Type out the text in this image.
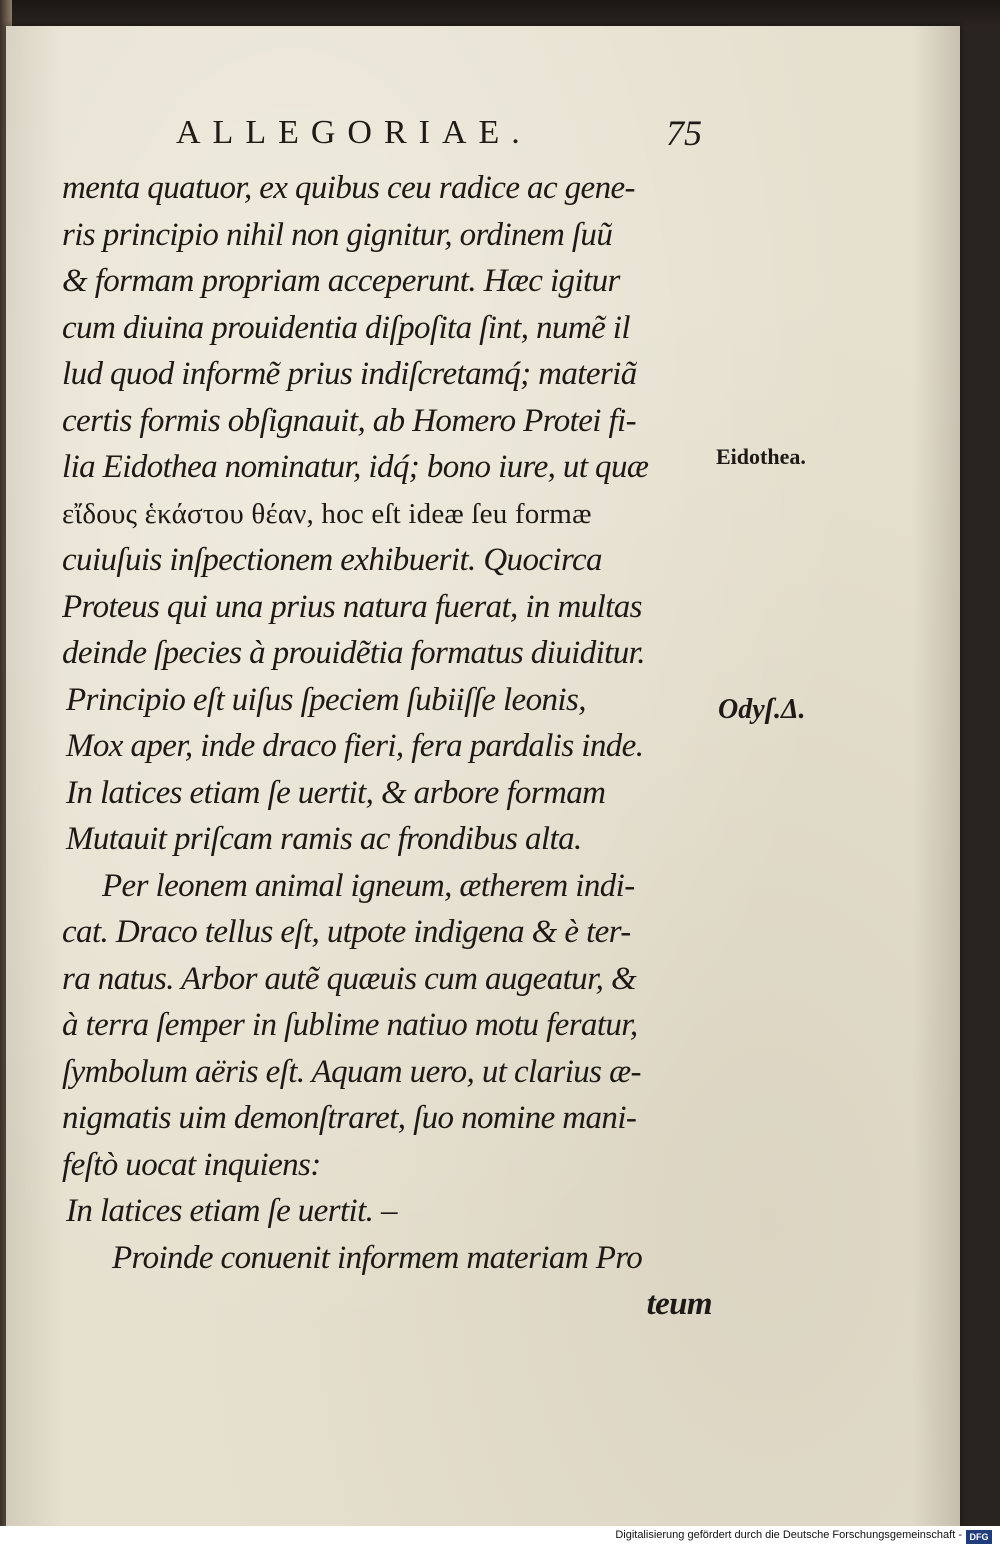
ALLEGORIAE.	75
menta quatuor, ex quibus ceu radice ac gene-
ris principio nihil non gignitur, ordinem ſuũ
& formam propriam acceperunt. Hæc igitur
cum diuina prouidentia diſpoſita ſint, numẽ il
lud quod informẽ prius indiſcretamq́; materiã
certis formis obſignauit, ab Homero Protei fi-
lia Eidothea nominatur, idq́; bono iure, ut quæ
εἴδους ἑκάστου θέαν, hoc eſt ideæ ſeu formæ
cuiuſuis inſpectionem exhibuerit. Quocirca
Proteus qui una prius natura fuerat, in multas
deinde ſpecies à prouidẽtia formatus diuiditur.
Principio eſt uiſus ſpeciem ſubiiſſe leonis,
Mox aper, inde draco fieri, fera pardalis inde.
In latices etiam ſe uertit, & arbore formam
Mutauit priſcam ramis ac frondibus alta.
Per leonem animal igneum, ætherem indi-
cat. Draco tellus eſt, utpote indigena & è ter-
ra natus. Arbor autẽ quæuis cum augeatur, &
à terra ſemper in ſublime natiuo motu feratur,
ſymbolum aëris eſt. Aquam uero, ut clarius æ-
nigmatis uim demonſtraret, ſuo nomine mani-
feſtò uocat inquiens:
In latices etiam ſe uertit. –
Proinde conuenit informem materiam Pro
teum
Eidothea.
Odyſ.Δ.
Digitalisierung gefördert durch die Deutsche Forschungsgemeinschaft - DFG
